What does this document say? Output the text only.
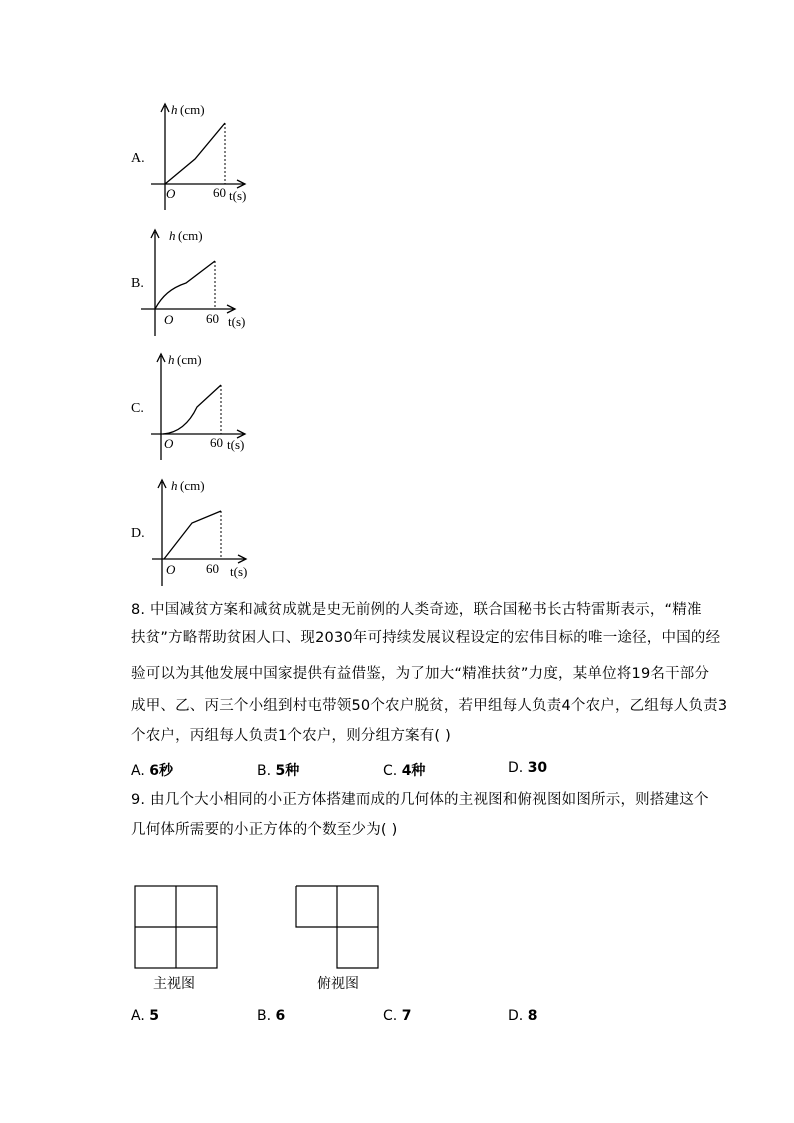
A.
h (cm)
O	60 t(s)
B.
h (cm)
O	60 t(s)
C.
h (cm)
O	60 t(s)
D.
h (cm)
O 60 t(s)
8. 中国减贫方案和减贫成就是史无前例的人类奇迹，联合国秘书长古特雷斯表示，“精准
扶贫”方略帮助贫困人口、现2030年可持续发展议程设定的宏伟目标的唯一途径，中国的经
验可以为其他发展中国家提供有益借鉴，为了加大“精准扶贫”力度，某单位将19名干部分
成甲、乙、丙三个小组到村屯带领50个农户脱贫，若甲组每人负责4个农户，乙组每人负责3
个农户，丙组每人负责1个农户，则分组方案有( )
A. 6秒	B. 5种	C. 4种	D. 30
9. 由几个大小相同的小正方体搭建而成的几何体的主视图和俯视图如图所示，则搭建这个
几何体所需要的小正方体的个数至少为( )
主视图	俯视图
A. 5	B. 6	C. 7	D. 8
